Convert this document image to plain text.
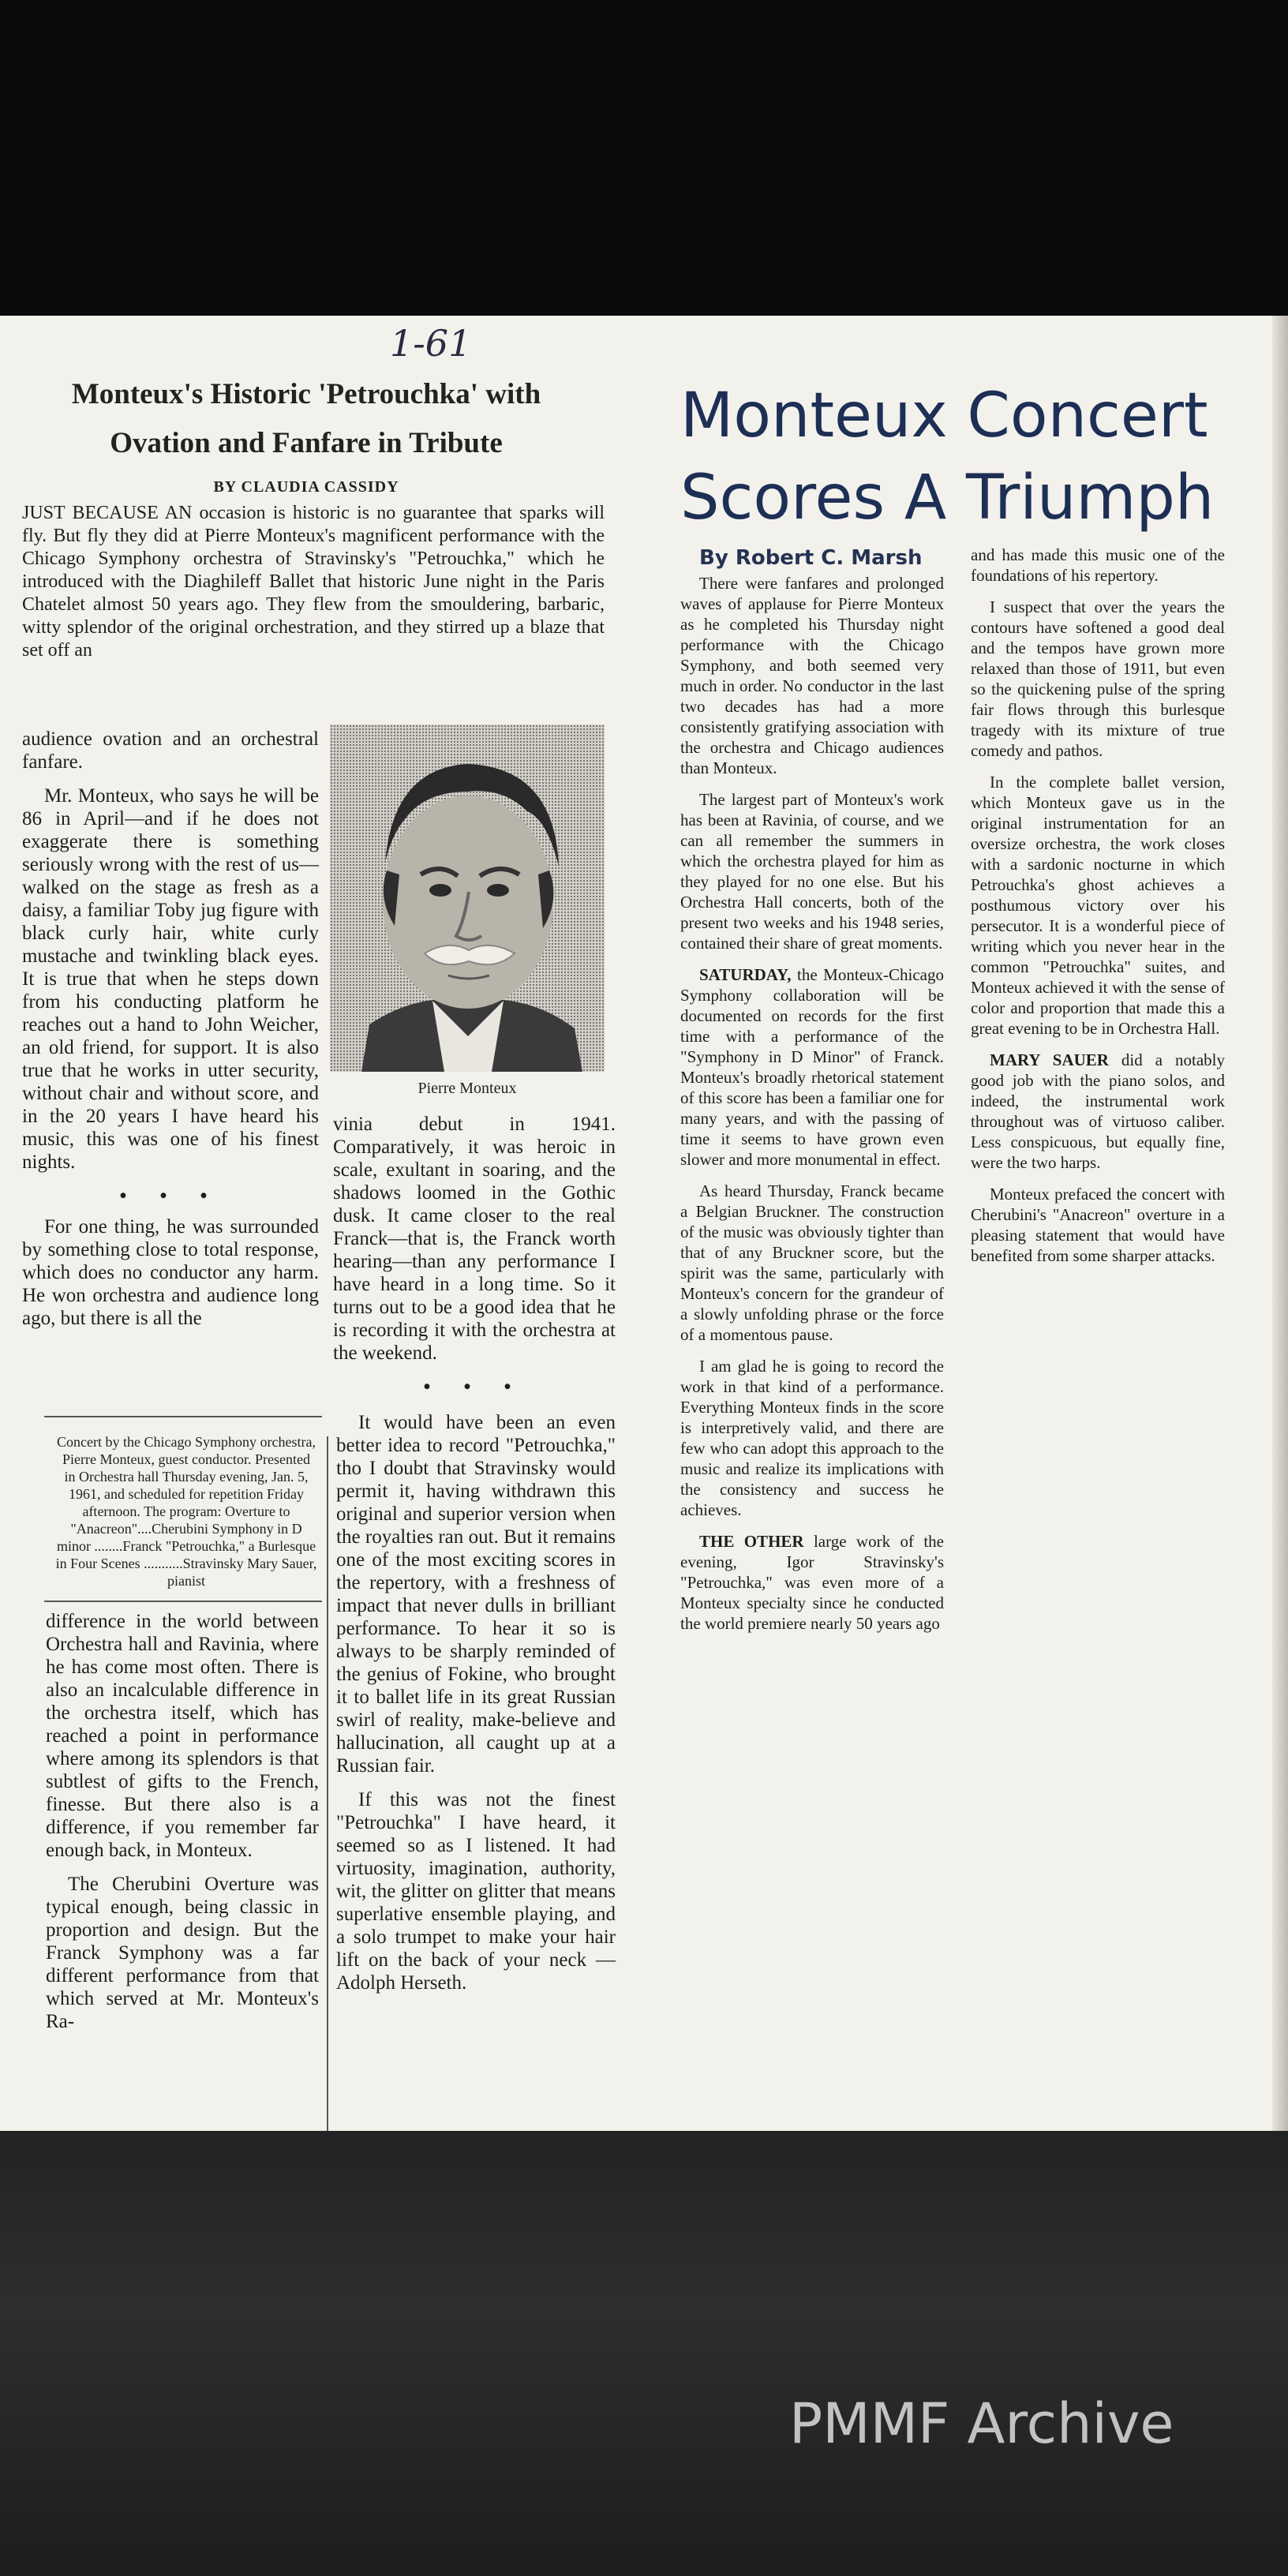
1-61
Monteux's Historic 'Petrouchka' with
Ovation and Fanfare in Tribute
BY CLAUDIA CASSIDY

JUST BECAUSE AN occasion is historic is no guarantee that sparks will fly. But fly they did at Pierre Monteux's magnificent performance with the Chicago Symphony orchestra of Stravinsky's "Petrouchka," which he introduced with the Diaghileff Ballet that historic June night in the Paris Chatelet almost 50 years ago. They flew from the smouldering, barbaric, witty splendor of the original orchestration, and they stirred up a blaze that set off an

audience ovation and an orchestral fanfare.

Mr. Monteux, who says he will be 86 in April—and if he does not exaggerate there is something seriously wrong with the rest of us—walked on the stage as fresh as a daisy, a familiar Toby jug figure with black curly hair, white curly mustache and twinkling black eyes. It is true that when he steps down from his conducting platform he reaches out a hand to John Weicher, an old friend, for support. It is also true that he works in utter security, without chair and without score, and in the 20 years I have heard his music, this was one of his finest nights.

• • •

For one thing, he was surrounded by something close to total response, which does no conductor any harm. He won orchestra and audience long ago, but there is all the

Pierre Monteux

vinia debut in 1941. Comparatively, it was heroic in scale, exultant in soaring, and the shadows loomed in the Gothic dusk. It came closer to the real Franck—that is, the Franck worth hearing—than any performance I have heard in a long time. So it turns out to be a good idea that he is recording it with the orchestra at the weekend.

• • •
Concert by the Chicago Symphony orchestra, Pierre Monteux, guest conductor. Presented in Orchestra hall Thursday evening, Jan. 5, 1961, and scheduled for repetition Friday afternoon. The program: Overture to "Anacreon"....Cherubini Symphony in D minor ........Franck "Petrouchka," a Burlesque in Four Scenes ...........Stravinsky Mary Sauer, pianist

difference in the world between Orchestra hall and Ravinia, where he has come most often. There is also an incalculable difference in the orchestra itself, which has reached a point in performance where among its splendors is that subtlest of gifts to the French, finesse. But there also is a difference, if you remember far enough back, in Monteux.

The Cherubini Overture was typical enough, being classic in proportion and design. But the Franck Symphony was a far different performance from that which served at Mr. Monteux's Ra-

It would have been an even better idea to record "Petrouchka," tho I doubt that Stravinsky would permit it, having withdrawn this original and superior version when the royalties ran out. But it remains one of the most exciting scores in the repertory, with a freshness of impact that never dulls in brilliant performance. To hear it so is always to be sharply reminded of the genius of Fokine, who brought it to ballet life in its great Russian swirl of reality, make-believe and hallucination, all caught up at a Russian fair.

If this was not the finest "Petrouchka" I have heard, it seemed so as I listened. It had virtuosity, imagination, authority, wit, the glitter on glitter that means superlative ensemble playing, and a solo trumpet to make your hair lift on the back of your neck —Adolph Herseth.

Monteux Concert
Scores A Triumph
By Robert C. Marsh

There were fanfares and prolonged waves of applause for Pierre Monteux as he completed his Thursday night performance with the Chicago Symphony, and both seemed very much in order. No conductor in the last two decades has had a more consistently gratifying association with the orchestra and Chicago audiences than Monteux.

The largest part of Monteux's work has been at Ravinia, of course, and we can all remember the summers in which the orchestra played for him as they played for no one else. But his Orchestra Hall concerts, both of the present two weeks and his 1948 series, contained their share of great moments.

SATURDAY, the Monteux-Chicago Symphony collaboration will be documented on records for the first time with a performance of the "Symphony in D Minor" of Franck. Monteux's broadly rhetorical statement of this score has been a familiar one for many years, and with the passing of time it seems to have grown even slower and more monumental in effect.

As heard Thursday, Franck became a Belgian Bruckner. The construction of the music was obviously tighter than that of any Bruckner score, but the spirit was the same, particularly with Monteux's concern for the grandeur of a slowly unfolding phrase or the force of a momentous pause.

I am glad he is going to record the work in that kind of a performance. Everything Monteux finds in the score is interpretively valid, and there are few who can adopt this approach to the music and realize its implications with the consistency and success he achieves.

THE OTHER large work of the evening, Igor Stravinsky's "Petrouchka," was even more of a Monteux specialty since he conducted the world premiere nearly 50 years ago

and has made this music one of the foundations of his repertory.

I suspect that over the years the contours have softened a good deal and the tempos have grown more relaxed than those of 1911, but even so the quickening pulse of the spring fair flows through this burlesque tragedy with its mixture of true comedy and pathos.

In the complete ballet version, which Monteux gave us in the original instrumentation for an oversize orchestra, the work closes with a sardonic nocturne in which Petrouchka's ghost achieves a posthumous victory over his persecutor. It is a wonderful piece of writing which you never hear in the common "Petrouchka" suites, and Monteux achieved it with the sense of color and proportion that made this a great evening to be in Orchestra Hall.

MARY SAUER did a notably good job with the piano solos, and indeed, the instrumental work throughout was of virtuoso caliber. Less conspicuous, but equally fine, were the two harps.

Monteux prefaced the concert with Cherubini's "Anacreon" overture in a pleasing statement that would have benefited from some sharper attacks.

PMMF Archive
